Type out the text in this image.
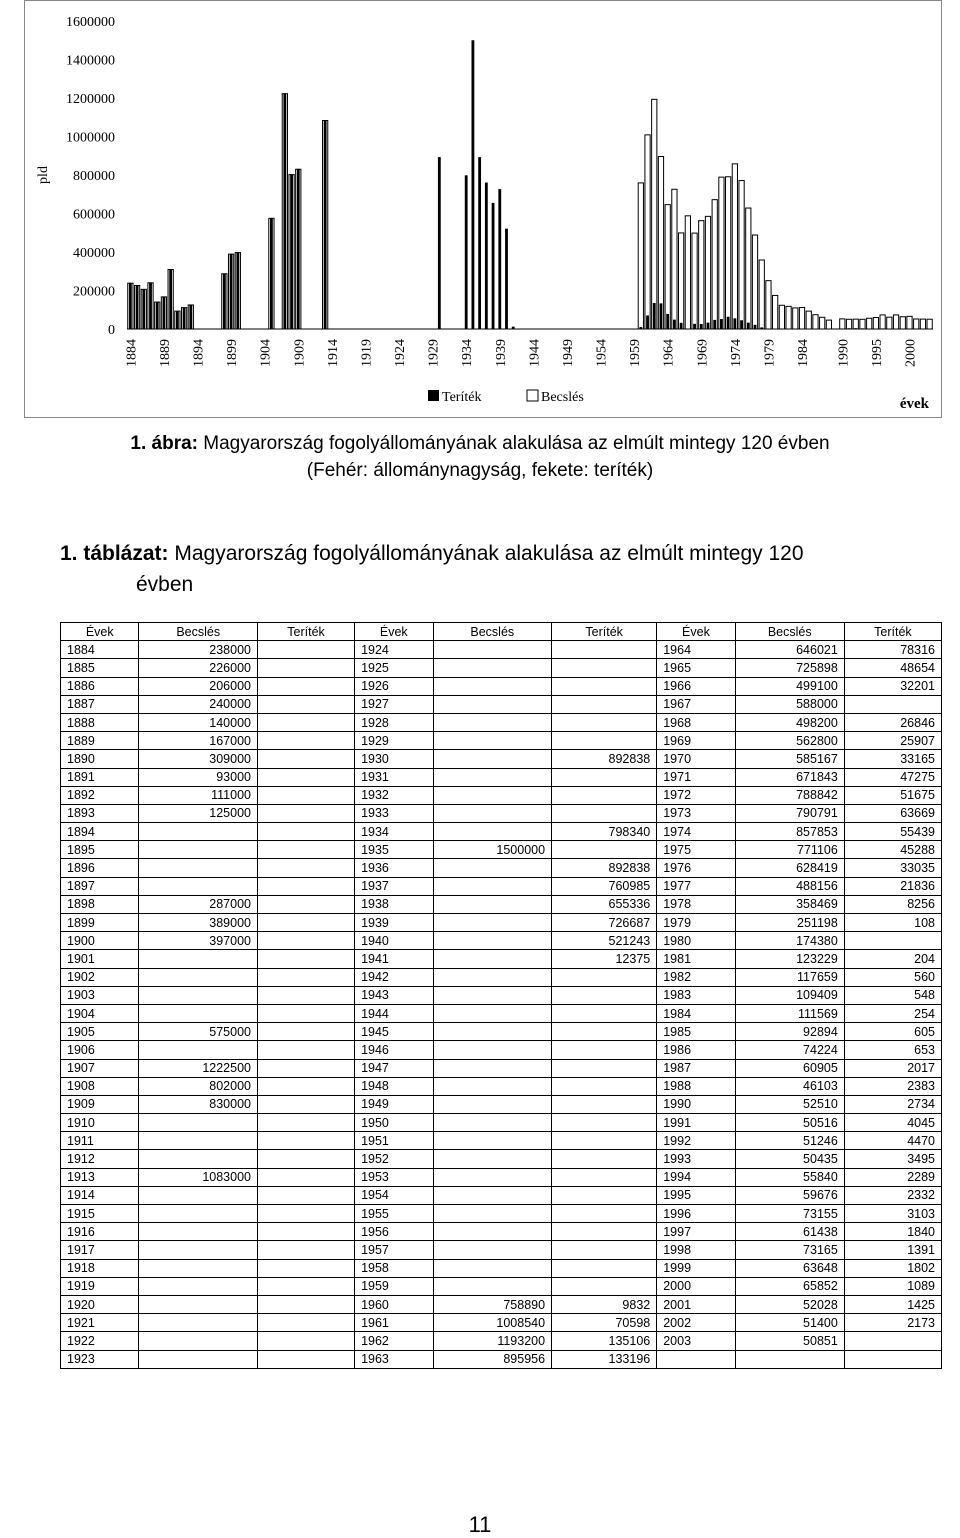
1600000
1400000
1200000
1000000
800000
600000
400000
200000
0
pld
1884 1889 1894 1899 1904 1909 1914 1919 1924 1929 1934 1939 1944 1949 1954 1959 1964 1969 1974 1979 1984 1990 1995 2000
Teríték	Becslés	évek
1. ábra: Magyarország fogolyállományának alakulása az elmúlt mintegy 120 évben
(Fehér: állománynagyság, fekete: teríték)
1. táblázat: Magyarország fogolyállományának alakulása az elmúlt mintegy 120
évben
Évek	Becslés	Teríték	Évek	Becslés	Teríték	Évek	Becslés	Teríték
1884	238000		1924			1964	646021	78316
1885	226000		1925			1965	725898	48654
1886	206000		1926			1966	499100	32201
1887	240000		1927			1967	588000	
1888	140000		1928			1968	498200	26846
1889	167000		1929			1969	562800	25907
1890	309000		1930		892838	1970	585167	33165
1891	93000		1931			1971	671843	47275
1892	111000		1932			1972	788842	51675
1893	125000		1933			1973	790791	63669
1894			1934		798340	1974	857853	55439
1895			1935	1500000		1975	771106	45288
1896			1936		892838	1976	628419	33035
1897			1937		760985	1977	488156	21836
1898	287000		1938		655336	1978	358469	8256
1899	389000		1939		726687	1979	251198	108
1900	397000		1940		521243	1980	174380	
1901			1941		12375	1981	123229	204
1902			1942			1982	117659	560
1903			1943			1983	109409	548
1904			1944			1984	111569	254
1905	575000		1945			1985	92894	605
1906			1946			1986	74224	653
1907	1222500		1947			1987	60905	2017
1908	802000		1948			1988	46103	2383
1909	830000		1949			1990	52510	2734
1910			1950			1991	50516	4045
1911			1951			1992	51246	4470
1912			1952			1993	50435	3495
1913	1083000		1953			1994	55840	2289
1914			1954			1995	59676	2332
1915			1955			1996	73155	3103
1916			1956			1997	61438	1840
1917			1957			1998	73165	1391
1918			1958			1999	63648	1802
1919			1959			2000	65852	1089
1920			1960	758890	9832	2001	52028	1425
1921			1961	1008540	70598	2002	51400	2173
1922			1962	1193200	135106	2003	50851	
1923			1963	895956	133196			
11
